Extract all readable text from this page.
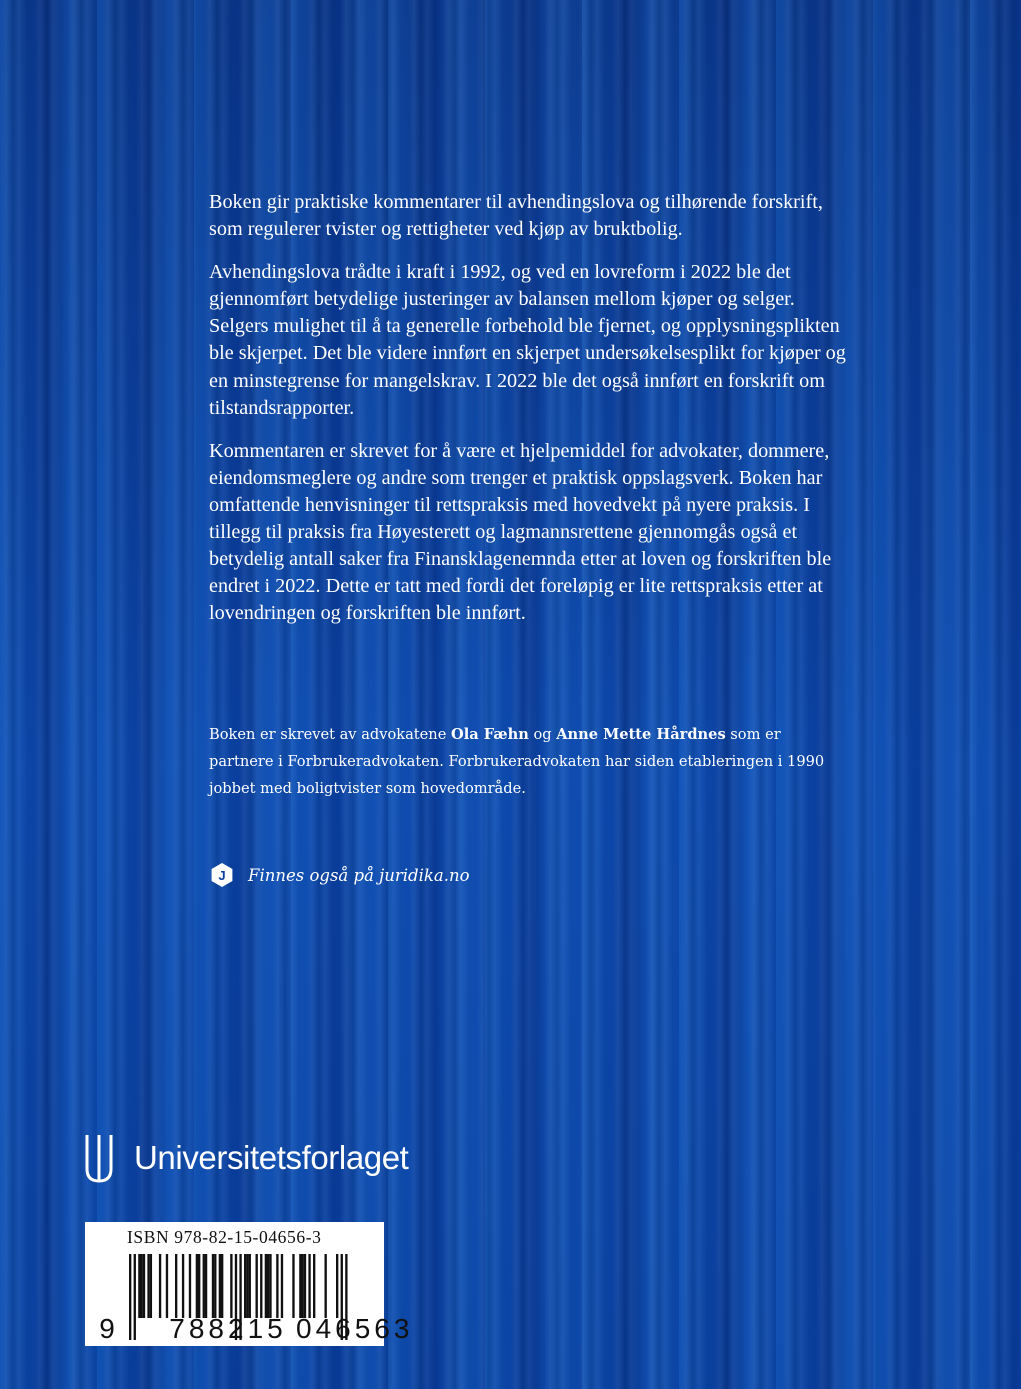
Boken gir praktiske kommentarer til avhendingslova og tilhørende forskrift, som regulerer tvister og rettigheter ved kjøp av bruktbolig.

Avhendingslova trådte i kraft i 1992, og ved en lovreform i 2022 ble det gjennomført betydelige justeringer av balansen mellom kjøper og selger. Selgers mulighet til å ta generelle forbehold ble fjernet, og opplysningsplikten ble skjerpet. Det ble videre innført en skjerpet undersøkelsesplikt for kjøper og en minstegrense for mangelskrav. I 2022 ble det også innført en forskrift om tilstandsrapporter.

Kommentaren er skrevet for å være et hjelpemiddel for advokater, dommere, eiendomsmeglere og andre som trenger et praktisk oppslagsverk. Boken har omfattende henvisninger til rettspraksis med hovedvekt på nyere praksis. I tillegg til praksis fra Høyesterett og lagmannsrettene gjennomgås også et betydelig antall saker fra Finansklagenemnda etter at loven og forskriften ble endret i 2022. Dette er tatt med fordi det foreløpig er lite rettspraksis etter at lovendringen og forskriften ble innført.

Boken er skrevet av advokatene Ola Fæhn og Anne Mette Hårdnes som er partnere i Forbrukeradvokaten. Forbrukeradvokaten har siden etableringen i 1990 jobbet med boligtvister som hovedområde.

J Finnes også på juridika.no
Universitetsforlaget
ISBN 978-82-15-04656-3
9 788215 046563
